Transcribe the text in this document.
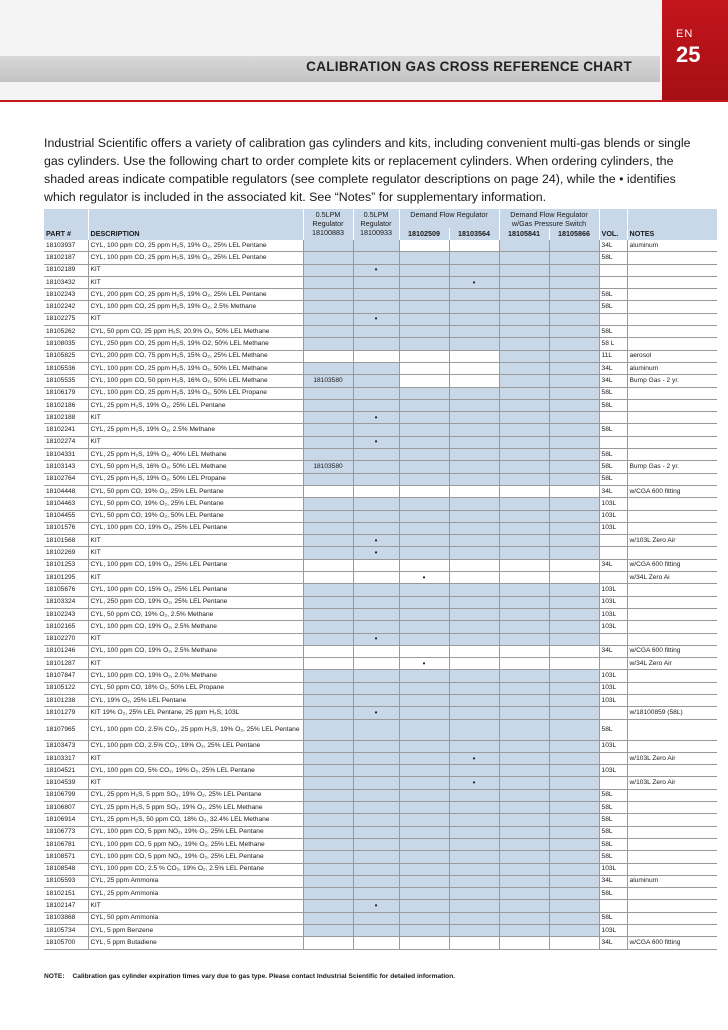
CALIBRATION GAS CROSS REFERENCE CHART
EN
25
Industrial Scientific offers a variety of calibration gas cylinders and kits, including convenient multi-gas blends or single gas cylinders. Use the following chart to order complete kits or replacement cylinders. When ordering cylinders, the shaded areas indicate compatible regulators (see complete regulator descriptions on page 24), while the • identifies which regulator is included in the associated kit. See “Notes” for supplementary information.
		0.5LPM Regulator 18100883	0.5LPM Regulator 18100933	Demand Flow Regulator		Demand Flow Regulator w/Gas Pressure Switch			

PART #	DESCRIPTION			18102509	18103564	18105841	18105866	VOL.	NOTES
18103937	CYL, 100 ppm CO, 25 ppm H₂S, 19% O₂, 25% LEL Pentane							34L	aluminum
18102187	CYL, 100 ppm CO, 25 ppm H₂S, 19% O₂, 25% LEL Pentane							58L	
18102189	KIT		•						
18103432	KIT				•				
18102243	CYL, 200 ppm CO, 25 ppm H₂S, 19% O₂, 25% LEL Pentane							58L	
18102242	CYL, 100 ppm CO, 25 ppm H₂S, 19% O₂, 2.5% Methane							58L	
18102275	KIT		•						
18105262	CYL, 50 ppm CO, 25 ppm H₂S, 20.9% O₂, 50% LEL Methane							58L	
18108035	CYL, 250 ppm CO, 25 ppm H₂S, 19% O2, 50% LEL Methane							58 L	
18105825	CYL, 200 ppm CO, 75 ppm H₂S, 15% O₂, 25% LEL Methane							11L	aerosol
18105536	CYL, 100 ppm CO, 25 ppm H₂S, 19% O₂, 50% LEL Methane							34L	aluminum
18105535	CYL, 100 ppm CO, 50 ppm H₂S, 16% O₂, 50% LEL Methane	18103580						34L	Bump Gas - 2 yr.
18106179	CYL, 100 ppm CO, 25 ppm H₂S, 19% O₂, 50% LEL Propane							58L	
18102186	CYL, 25 ppm H₂S, 19% O₂, 25% LEL Pentane							58L	
18102188	KIT		•						
18102241	CYL, 25 ppm H₂S, 19% O₂, 2.5% Methane							58L	
18102274	KIT		•						
18104331	CYL, 25 ppm H₂S, 19% O₂, 40% LEL Methane							58L	
18103143	CYL, 50 ppm H₂S, 16% O₂, 50% LEL Methane	18103580						58L	Bump Gas - 2 yr.
18102764	CYL, 25 ppm H₂S, 19% O₂, 50% LEL Propane							58L	
18104448	CYL, 50 ppm CO, 19% O₂, 25% LEL Pentane							34L	w/CGA 600 fitting
18104463	CYL, 50 ppm CO, 19% O₂, 25% LEL Pentane							103L	
18104455	CYL, 50 ppm CO, 19% O₂, 50% LEL Pentane							103L	
18101576	CYL, 100 ppm CO, 19% O₂, 25% LEL Pentane							103L	
18101568	KIT		•						w/103L Zero Air
18102269	KIT		•						
18101253	CYL, 100 ppm CO, 19% O₂, 25% LEL Pentane							34L	w/CGA 600 fitting
18101295	KIT			•					w/34L Zero Ai
18105676	CYL, 100 ppm CO, 15% O₂, 25% LEL Pentane							103L	
18103324	CYL, 250 ppm CO, 19% O₂, 25% LEL Pentane							103L	
18102243	CYL, 50 ppm CO, 19% O₂, 2.5% Methane							103L	
18102165	CYL, 100 ppm CO, 19% O₂, 2.5% Methane							103L	
18102270	KIT		•						
18101246	CYL, 100 ppm CO, 19% O₂, 2.5% Methane							34L	w/CGA 600 fitting
18101287	KIT			•					w/34L Zero Air
18107847	CYL, 100 ppm CO, 19% O₂, 2.0% Methane							103L	
18105122	CYL, 50 ppm CO, 18% O₂, 50% LEL Propane							103L	
18101238	CYL, 19% O₂, 25% LEL Pentane							103L	
18101279	KIT 19% O₂, 25% LEL Pentane, 25 ppm H₂S, 103L		•						w/18100859 (58L)
18107965	CYL, 100 ppm CO, 2.5% CO₂, 25 ppm H₂S, 19% O₂, 25% LEL Pentane							58L	
18103473	CYL, 100 ppm CO, 2.5% CO₂, 19% O₂, 25% LEL Pentane							103L	
18103317	KIT				•				w/103L Zero Air
18104521	CYL, 100 ppm CO, 5% CO₂, 19% O₂, 25% LEL Pentane							103L	
18104539	KIT				•				w/103L Zero Air
18106799	CYL, 25 ppm H₂S, 5 ppm SO₂, 19% O₂, 25% LEL Pentane							58L	
18106807	CYL, 25 ppm H₂S, 5 ppm SO₂, 19% O₂, 25% LEL Methane							58L	
18106914	CYL, 25 ppm H₂S, 50 ppm CO, 18% O₂, 32.4% LEL Methane							58L	
18106773	CYL, 100 ppm CO, 5 ppm NO₂, 19% O₂, 25% LEL Pentane							58L	
18106781	CYL, 100 ppm CO, 5 ppm NO₂, 19% O₂, 25% LEL Methane							58L	
18108571	CYL, 100 ppm CO, 5 ppm NO₂, 19% O₂, 25% LEL Pentane							58L	
18108548	CYL, 100 ppm CO, 2.5 % CO₂, 19% O₂, 2.5% LEL Pentane							103L	
18105593	CYL, 25 ppm Ammonia							34L	aluminum
18102151	CYL, 25 ppm Ammonia							58L	
18102147	KIT		•						
18103868	CYL, 50 ppm Ammonia							58L	
18105734	CYL, 5 ppm Benzene							103L	
18105700	CYL, 5 ppm Butadiene							34L	w/CGA 600 fitting
NOTE: Calibration gas cylinder expiration times vary due to gas type. Please contact Industrial Scientific for detailed information.
